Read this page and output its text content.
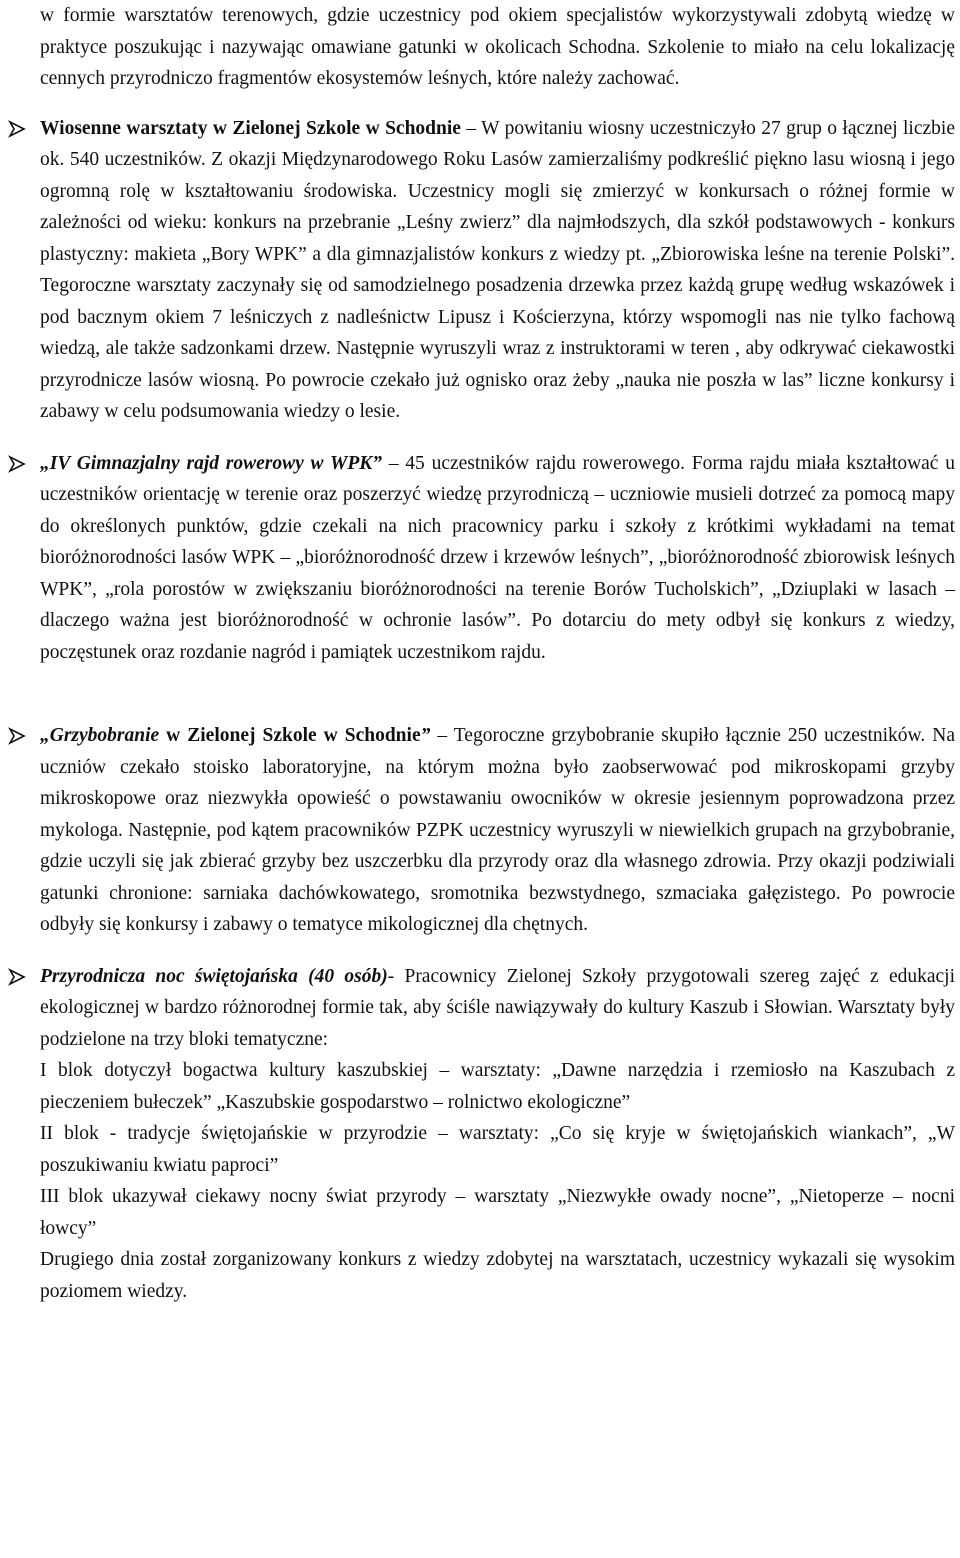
w formie warsztatów terenowych, gdzie uczestnicy pod okiem specjalistów wykorzystywali zdobytą wiedzę w praktyce poszukując i nazywając omawiane gatunki w okolicach Schodna. Szkolenie to miało na celu lokalizację cennych przyrodniczo fragmentów ekosystemów leśnych, które należy zachować.

Wiosenne warsztaty w Zielonej Szkole w Schodnie – W powitaniu wiosny uczestniczyło 27 grup o łącznej liczbie ok. 540 uczestników. Z okazji Międzynarodowego Roku Lasów zamierzaliśmy podkreślić piękno lasu wiosną i jego ogromną rolę w kształtowaniu środowiska. Uczestnicy mogli się zmierzyć w konkursach o różnej formie w zależności od wieku: konkurs na przebranie „Leśny zwierz” dla najmłodszych, dla szkół podstawowych - konkurs plastyczny: makieta „Bory WPK” a dla gimnazjalistów konkurs z wiedzy pt. „Zbiorowiska leśne na terenie Polski”. Tegoroczne warsztaty zaczynały się od samodzielnego posadzenia drzewka przez każdą grupę według wskazówek i pod bacznym okiem 7 leśniczych z nadleśnictw Lipusz i Kościerzyna, którzy wspomogli nas nie tylko fachową wiedzą, ale także sadzonkami drzew. Następnie wyruszyli wraz z instruktorami w teren , aby odkrywać ciekawostki przyrodnicze lasów wiosną. Po powrocie czekało już ognisko oraz żeby „nauka nie poszła w las” liczne konkursy i zabawy w celu podsumowania wiedzy o lesie.

„IV Gimnazjalny rajd rowerowy w WPK” – 45 uczestników rajdu rowerowego. Forma rajdu miała kształtować u uczestników orientację w terenie oraz poszerzyć wiedzę przyrodniczą – uczniowie musieli dotrzeć za pomocą mapy do określonych punktów, gdzie czekali na nich pracownicy parku i szkoły z krótkimi wykładami na temat bioróżnorodności lasów WPK – „bioróżnorodność drzew i krzewów leśnych”, „bioróżnorodność zbiorowisk leśnych WPK”, „rola porostów w zwiększaniu bioróżnorodności na terenie Borów Tucholskich”, „Dziuplaki w lasach – dlaczego ważna jest bioróżnorodność w ochronie lasów”. Po dotarciu do mety odbył się konkurs z wiedzy, poczęstunek oraz rozdanie nagród i pamiątek uczestnikom rajdu.

„Grzybobranie w Zielonej Szkole w Schodnie” – Tegoroczne grzybobranie skupiło łącznie 250 uczestników. Na uczniów czekało stoisko laboratoryjne, na którym można było zaobserwować pod mikroskopami grzyby mikroskopowe oraz niezwykła opowieść o powstawaniu owocników w okresie jesiennym poprowadzona przez mykologa. Następnie, pod kątem pracowników PZPK uczestnicy wyruszyli w niewielkich grupach na grzybobranie, gdzie uczyli się jak zbierać grzyby bez uszczerbku dla przyrody oraz dla własnego zdrowia. Przy okazji podziwiali gatunki chronione: sarniaka dachówkowatego, sromotnika bezwstydnego, szmaciaka gałęzistego. Po powrocie odbyły się konkursy i zabawy o tematyce mikologicznej dla chętnych.

Przyrodnicza noc świętojańska (40 osób)- Pracownicy Zielonej Szkoły przygotowali szereg zajęć z edukacji ekologicznej w bardzo różnorodnej formie tak, aby ściśle nawiązywały do kultury Kaszub i Słowian. Warsztaty były podzielone na trzy bloki tematyczne:

I blok dotyczył bogactwa kultury kaszubskiej – warsztaty: „Dawne narzędzia i rzemiosło na Kaszubach z pieczeniem bułeczek” „Kaszubskie gospodarstwo – rolnictwo ekologiczne”

II blok - tradycje świętojańskie w przyrodzie – warsztaty: „Co się kryje w świętojańskich wiankach”, „W poszukiwaniu kwiatu paproci”

III blok ukazywał ciekawy nocny świat przyrody – warsztaty „Niezwykłe owady nocne”, „Nietoperze – nocni łowcy”

Drugiego dnia został zorganizowany konkurs z wiedzy zdobytej na warsztatach, uczestnicy wykazali się wysokim poziomem wiedzy.
